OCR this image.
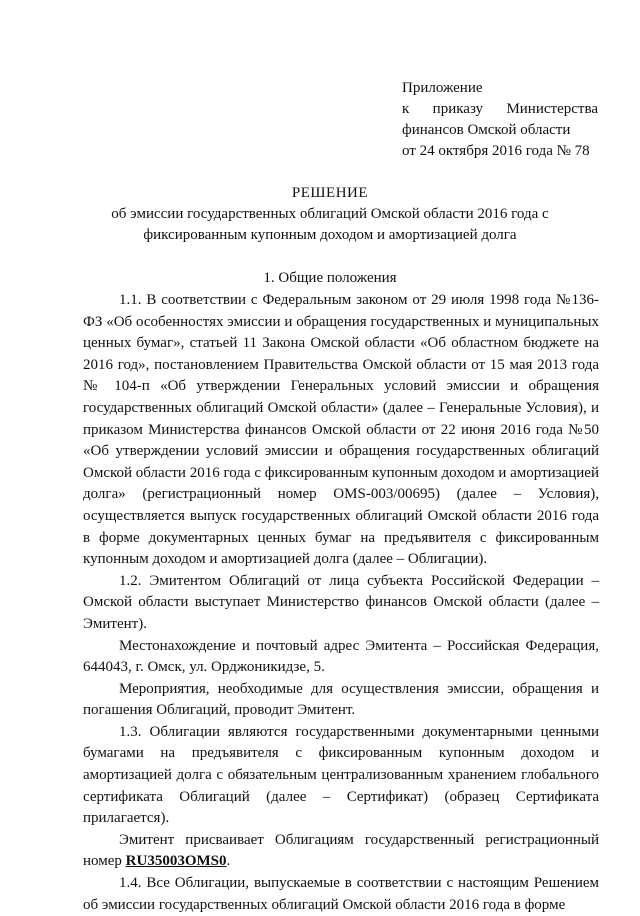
Приложение
к приказу Министерства
финансов Омской области
от 24 октября 2016 года № 78
РЕШЕНИЕ
об эмиссии государственных облигаций Омской области 2016 года с
фиксированным купонным доходом и амортизацией долга
1. Общие положения

1.1. В соответствии с Федеральным законом от 29 июля 1998 года №136-ФЗ «Об особенностях эмиссии и обращения государственных и муниципальных ценных бумаг», статьей 11 Закона Омской области «Об областном бюджете на 2016 год», постановлением Правительства Омской области от 15 мая 2013 года № 104-п «Об утверждении Генеральных условий эмиссии и обращения государственных облигаций Омской области» (далее – Генеральные Условия), и приказом Министерства финансов Омской области от 22 июня 2016 года №50 «Об утверждении условий эмиссии и обращения государственных облигаций Омской области 2016 года с фиксированным купонным доходом и амортизацией долга» (регистрационный номер OMS-003/00695) (далее – Условия), осуществляется выпуск государственных облигаций Омской области 2016 года в форме документарных ценных бумаг на предъявителя с фиксированным купонным доходом и амортизацией долга (далее – Облигации).

1.2. Эмитентом Облигаций от лица субъекта Российской Федерации – Омской области выступает Министерство финансов Омской области (далее – Эмитент).

Местонахождение и почтовый адрес Эмитента – Российская Федерация, 644043, г. Омск, ул. Орджоникидзе, 5.

Мероприятия, необходимые для осуществления эмиссии, обращения и погашения Облигаций, проводит Эмитент.

1.3. Облигации являются государственными документарными ценными бумагами на предъявителя с фиксированным купонным доходом и амортизацией долга с обязательным централизованным хранением глобального сертификата Облигаций (далее – Сертификат) (образец Сертификата прилагается).

Эмитент присваивает Облигациям государственный регистрационный номер RU35003OMS0.

1.4. Все Облигации, выпускаемые в соответствии с настоящим Решением об эмиссии государственных облигаций Омской области 2016 года в форме
